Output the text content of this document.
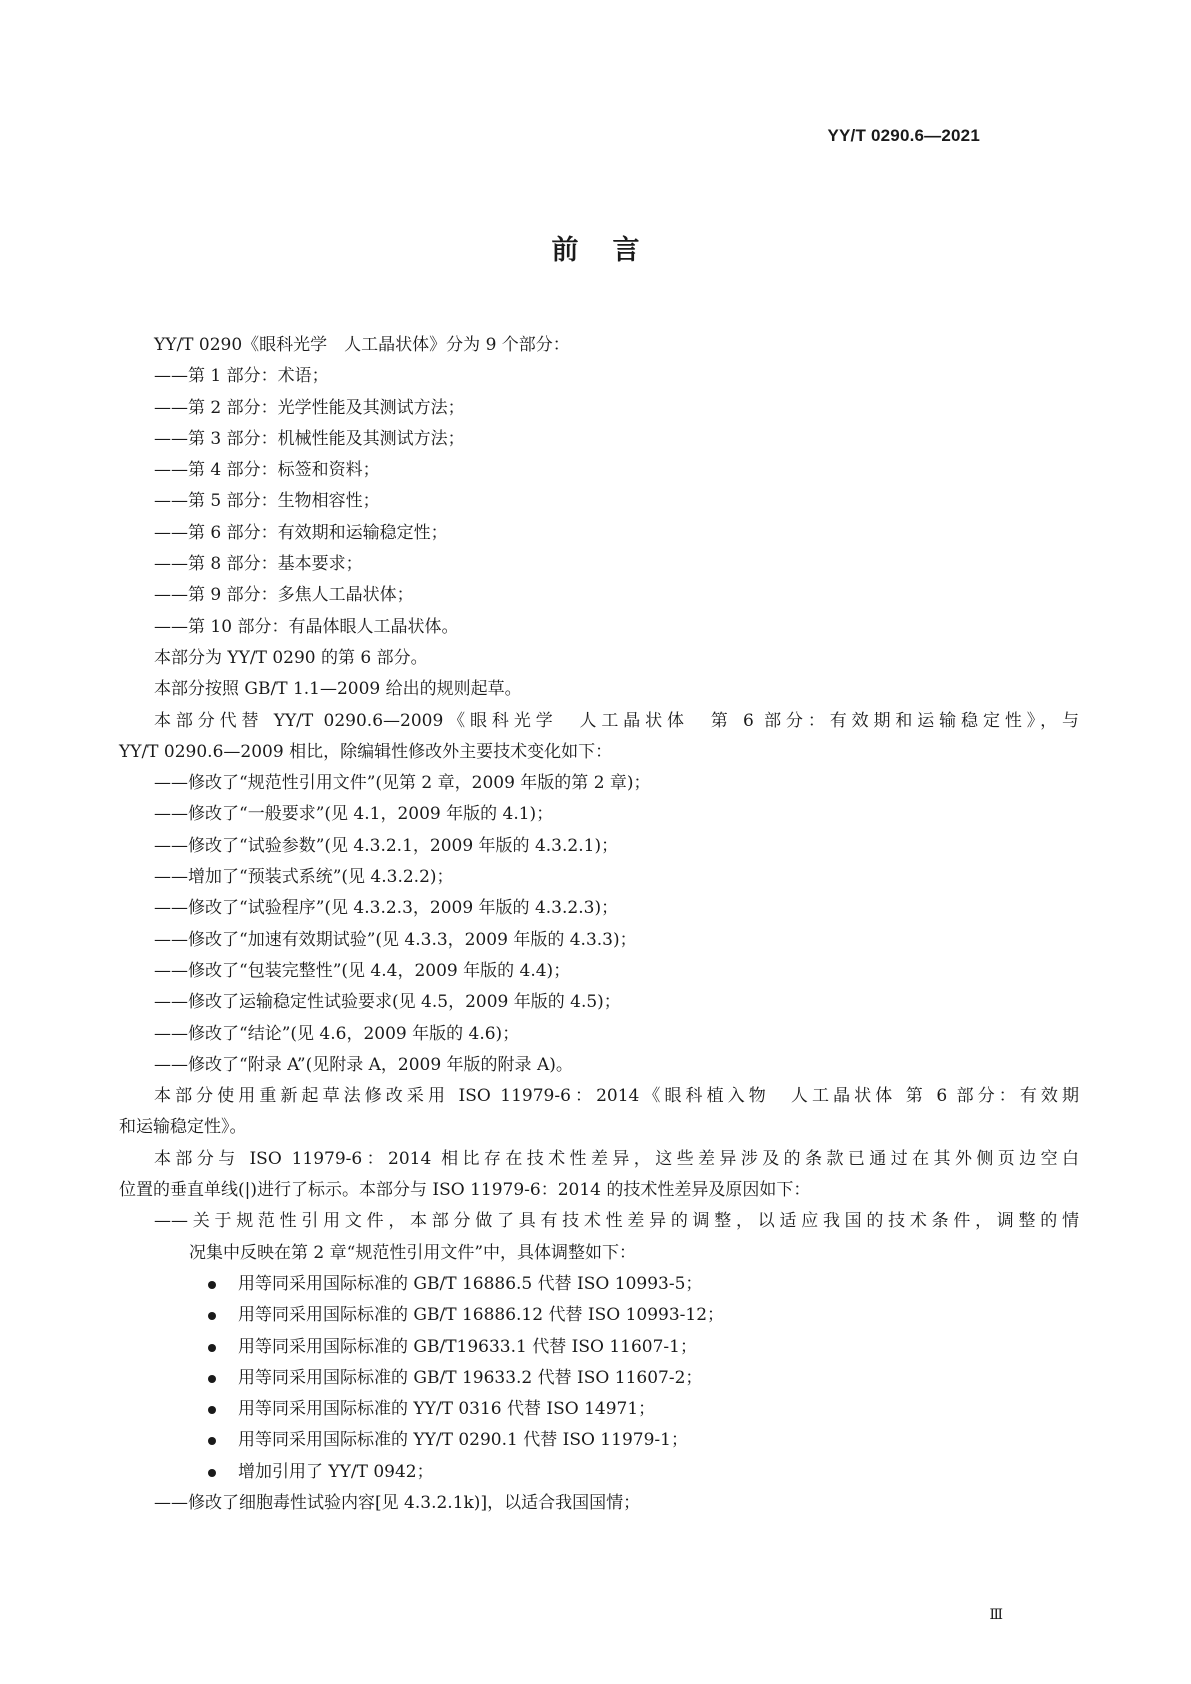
YY/T 0290.6—2021
前言
YY/T 0290《眼科光学　人工晶状体》分为 9 个部分：
——第 1 部分：术语；
——第 2 部分：光学性能及其测试方法；
——第 3 部分：机械性能及其测试方法；
——第 4 部分：标签和资料；
——第 5 部分：生物相容性；
——第 6 部分：有效期和运输稳定性；
——第 8 部分：基本要求；
——第 9 部分：多焦人工晶状体；
——第 10 部分：有晶体眼人工晶状体。
本部分为 YY/T 0290 的第 6 部分。
本部分按照 GB/T 1.1—2009 给出的规则起草。
本部分代替 YY/T 0290.6—2009《眼科光学　人工晶状体　第 6 部分：有效期和运输稳定性》，与
YY/T 0290.6—2009 相比，除编辑性修改外主要技术变化如下：
——修改了“规范性引用文件”(见第 2 章，2009 年版的第 2 章)；
——修改了“一般要求”(见 4.1，2009 年版的 4.1)；
——修改了“试验参数”(见 4.3.2.1，2009 年版的 4.3.2.1)；
——增加了“预装式系统”(见 4.3.2.2)；
——修改了“试验程序”(见 4.3.2.3，2009 年版的 4.3.2.3)；
——修改了“加速有效期试验”(见 4.3.3，2009 年版的 4.3.3)；
——修改了“包装完整性”(见 4.4，2009 年版的 4.4)；
——修改了运输稳定性试验要求(见 4.5，2009 年版的 4.5)；
——修改了“结论”(见 4.6，2009 年版的 4.6)；
——修改了“附录 A”(见附录 A，2009 年版的附录 A)。
本部分使用重新起草法修改采用 ISO 11979-6：2014《眼科植入物　人工晶状体 第 6 部分：有效期
和运输稳定性》。
本部分与 ISO 11979-6：2014 相比存在技术性差异，这些差异涉及的条款已通过在其外侧页边空白
位置的垂直单线(|)进行了标示。本部分与 ISO 11979-6：2014 的技术性差异及原因如下：
——关于规范性引用文件，本部分做了具有技术性差异的调整，以适应我国的技术条件，调整的情
况集中反映在第 2 章“规范性引用文件”中，具体调整如下：
用等同采用国际标准的 GB/T 16886.5 代替 ISO 10993-5；
用等同采用国际标准的 GB/T 16886.12 代替 ISO 10993-12；
用等同采用国际标准的 GB/T19633.1 代替 ISO 11607-1；
用等同采用国际标准的 GB/T 19633.2 代替 ISO 11607-2；
用等同采用国际标准的 YY/T 0316 代替 ISO 14971；
用等同采用国际标准的 YY/T 0290.1 代替 ISO 11979-1；
增加引用了 YY/T 0942；
——修改了细胞毒性试验内容[见 4.3.2.1k)]，以适合我国国情；
Ⅲ
